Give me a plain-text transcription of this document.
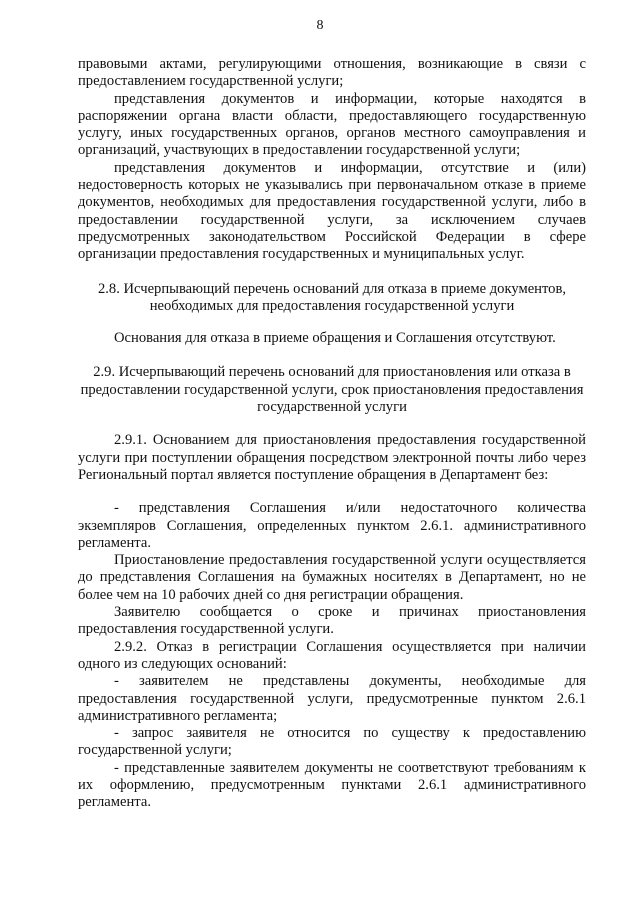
8

правовыми актами, регулирующими отношения, возникающие в связи с предоставлением государственной услуги;

представления документов и информации, которые находятся в распоряжении органа власти области, предоставляющего государственную услугу, иных государственных органов, органов местного самоуправления и организаций, участвующих в предоставлении государственной услуги;

представления документов и информации, отсутствие и (или) недостоверность которых не указывались при первоначальном отказе в приеме документов, необходимых для предоставления государственной услуги, либо в предоставлении государственной услуги, за исключением случаев предусмотренных законодательством Российской Федерации в сфере организации предоставления государственных и муниципальных услуг.

2.8. Исчерпывающий перечень оснований для отказа в приеме документов, необходимых для предоставления государственной услуги

Основания для отказа в приеме обращения и Соглашения отсутствуют.

2.9. Исчерпывающий перечень оснований для приостановления или отказа в предоставлении государственной услуги, срок приостановления предоставления государственной услуги

2.9.1. Основанием для приостановления предоставления государственной услуги при поступлении обращения посредством электронной почты либо через Региональный портал является поступление обращения в Департамент без:

- представления Соглашения и/или недостаточного количества экземпляров Соглашения, определенных пунктом 2.6.1. административного регламента.

Приостановление предоставления государственной услуги осуществляется до представления Соглашения на бумажных носителях в Департамент, но не более чем на 10 рабочих дней со дня регистрации обращения.

Заявителю сообщается о сроке и причинах приостановления предоставления государственной услуги.

2.9.2. Отказ в регистрации Соглашения осуществляется при наличии одного из следующих оснований:

- заявителем не представлены документы, необходимые для предоставления государственной услуги, предусмотренные пунктом 2.6.1 административного регламента;

- запрос заявителя не относится по существу к предоставлению государственной услуги;

- представленные заявителем документы не соответствуют требованиям к их оформлению, предусмотренным пунктами 2.6.1 административного регламента.
